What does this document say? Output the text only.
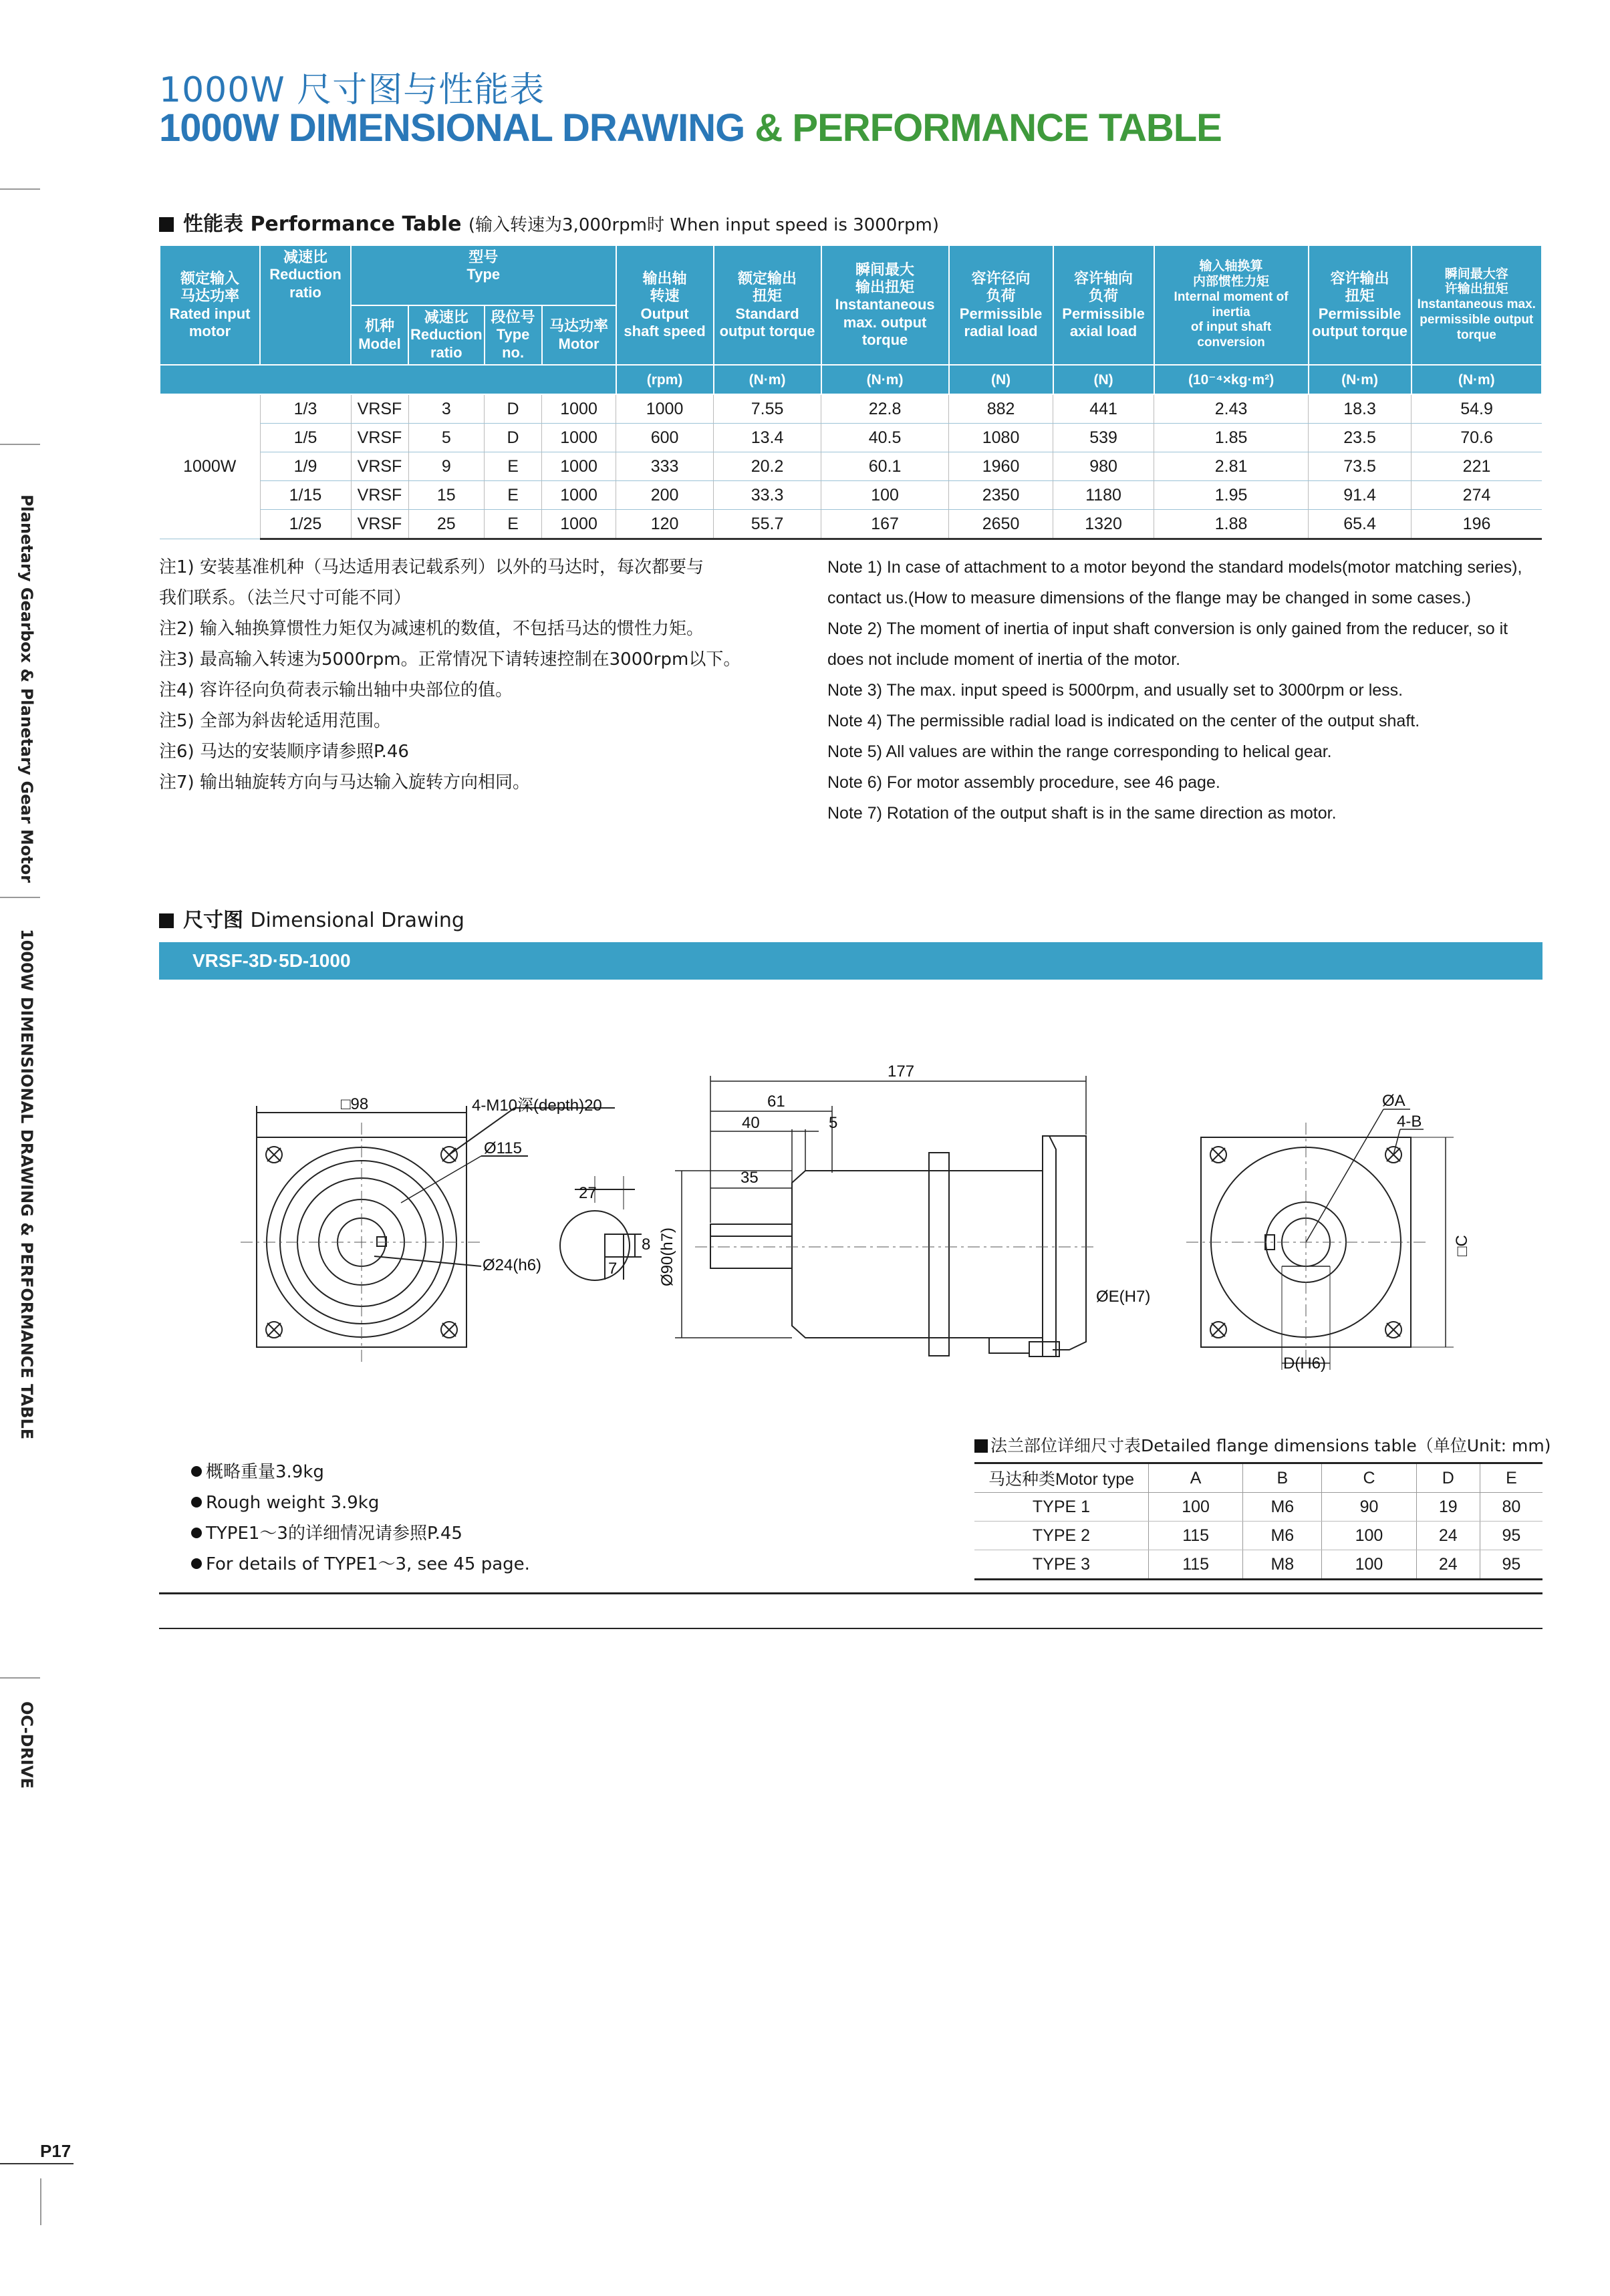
Planetary Gearbox & Planetary Gear Motor
1000W DIMENSIONAL DRAWING & PERFORMANCE TABLE
OC-DRIVE
1000W 尺寸图与性能表
1000W DIMENSIONAL DRAWING & PERFORMANCE TABLE
性能表 Performance Table (输入转速为3,000rpm时 When input speed is 3000rpm)
额定输入
马达功率
Rated input
motor	减速比
Reduction
ratio	型号
Type				输出轴
转速
Output
shaft speed	额定输出
扭矩
Standard
output torque	瞬间最大
输出扭矩
Instantaneous
max. output torque	容许径向
负荷
Permissible
radial load	容许轴向
负荷
Permissible
axial load	输入轴换算
内部惯性力矩
Internal moment of inertia
of input shaft conversion	容许输出
扭矩
Permissible
output torque	瞬间最大容
许输出扭矩
Instantaneous max.
permissible output torque
		机种
Model	减速比
Reduction
ratio	段位号
Type no.	马达功率
Motor								
						(rpm)	(N·m)	(N·m)	(N)	(N)	(10⁻⁴×kg·m²)	(N·m)	(N·m)
1000W	1/3	VRSF	3	D	1000	1000	7.55	22.8	882	441	2.43	18.3	54.9
	1/5	VRSF	5	D	1000	600	13.4	40.5	1080	539	1.85	23.5	70.6
	1/9	VRSF	9	E	1000	333	20.2	60.1	1960	980	2.81	73.5	221
	1/15	VRSF	15	E	1000	200	33.3	100	2350	1180	1.95	91.4	274
	1/25	VRSF	25	E	1000	120	55.7	167	2650	1320	1.88	65.4	196
注1) 安装基准机种（马达适用表记载系列）以外的马达时，每次都要与
我们联系。（法兰尺寸可能不同）
注2) 输入轴换算惯性力矩仅为减速机的数值，不包括马达的惯性力矩。
注3) 最高输入转速为5000rpm。正常情况下请转速控制在3000rpm以下。
注4) 容许径向负荷表示输出轴中央部位的值。
注5) 全部为斜齿轮适用范围。
注6) 马达的安装顺序请参照P.46
注7) 输出轴旋转方向与马达输入旋转方向相同。
Note 1) In case of attachment to a motor beyond the standard models(motor matching series),
contact us.(How to measure dimensions of the flange may be changed in some cases.)
Note 2) The moment of inertia of input shaft conversion is only gained from the reducer, so it
does not include moment of inertia of the motor.
Note 3) The max. input speed is 5000rpm, and usually set to 3000rpm or less.
Note 4) The permissible radial load is indicated on the center of the output shaft.
Note 5) All values are within the range corresponding to helical gear.
Note 6) For motor assembly procedure, see 46 page.
Note 7) Rotation of the output shaft is in the same direction as motor.
尺寸图 Dimensional Drawing
VRSF-3D·5D-1000
□98	4-M10深(depth)20
Ø115
Ø24(h6)
27
8
7
177
61
40	5
35
Ø90(h7)
ØA
4-B
□C
ØE(H7)
D(H6)
概略重量3.9kg
Rough weight 3.9kg
TYPE1～3的详细情况请参照P.45
For details of TYPE1～3, see 45 page.
法兰部位详细尺寸表Detailed flange dimensions table（单位Unit: mm)
马达种类Motor type	A	B	C	D	E
TYPE 1	100	M6	90	19	80
TYPE 2	115	M6	100	24	95
TYPE 3	115	M8	100	24	95
P17
